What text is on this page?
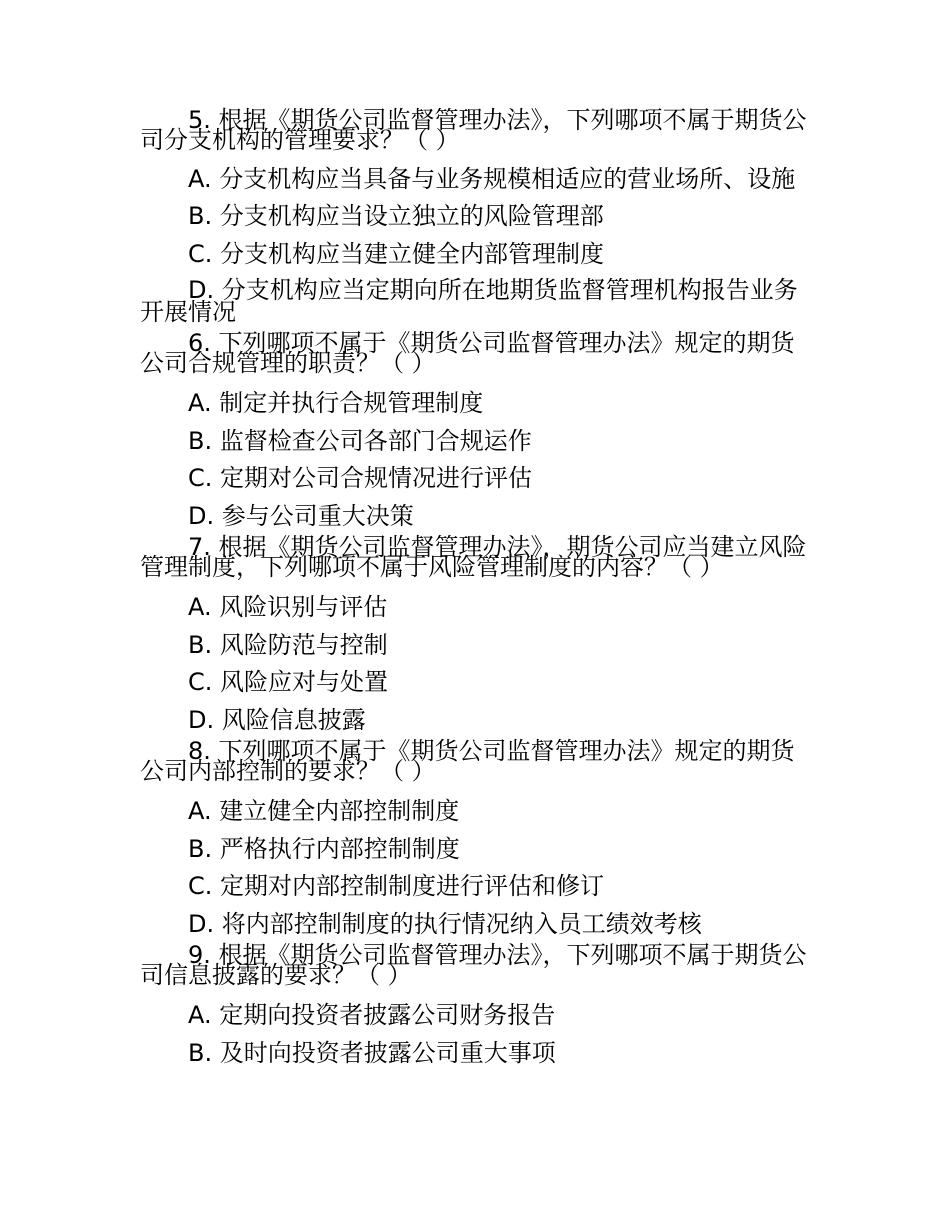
5. 根据《期货公司监督管理办法》，下列哪项不属于期货公司分支机构的管理要求？（ ）

A. 分支机构应当具备与业务规模相适应的营业场所、设施

B. 分支机构应当设立独立的风险管理部

C. 分支机构应当建立健全内部管理制度

D. 分支机构应当定期向所在地期货监督管理机构报告业务开展情况

6. 下列哪项不属于《期货公司监督管理办法》规定的期货公司合规管理的职责？（ ）

A. 制定并执行合规管理制度

B. 监督检查公司各部门合规运作

C. 定期对公司合规情况进行评估

D. 参与公司重大决策

7. 根据《期货公司监督管理办法》，期货公司应当建立风险管理制度，下列哪项不属于风险管理制度的内容？（ ）

A. 风险识别与评估

B. 风险防范与控制

C. 风险应对与处置

D. 风险信息披露

8. 下列哪项不属于《期货公司监督管理办法》规定的期货公司内部控制的要求？（ ）

A. 建立健全内部控制制度

B. 严格执行内部控制制度

C. 定期对内部控制制度进行评估和修订

D. 将内部控制制度的执行情况纳入员工绩效考核

9. 根据《期货公司监督管理办法》，下列哪项不属于期货公司信息披露的要求？（ ）

A. 定期向投资者披露公司财务报告

B. 及时向投资者披露公司重大事项
